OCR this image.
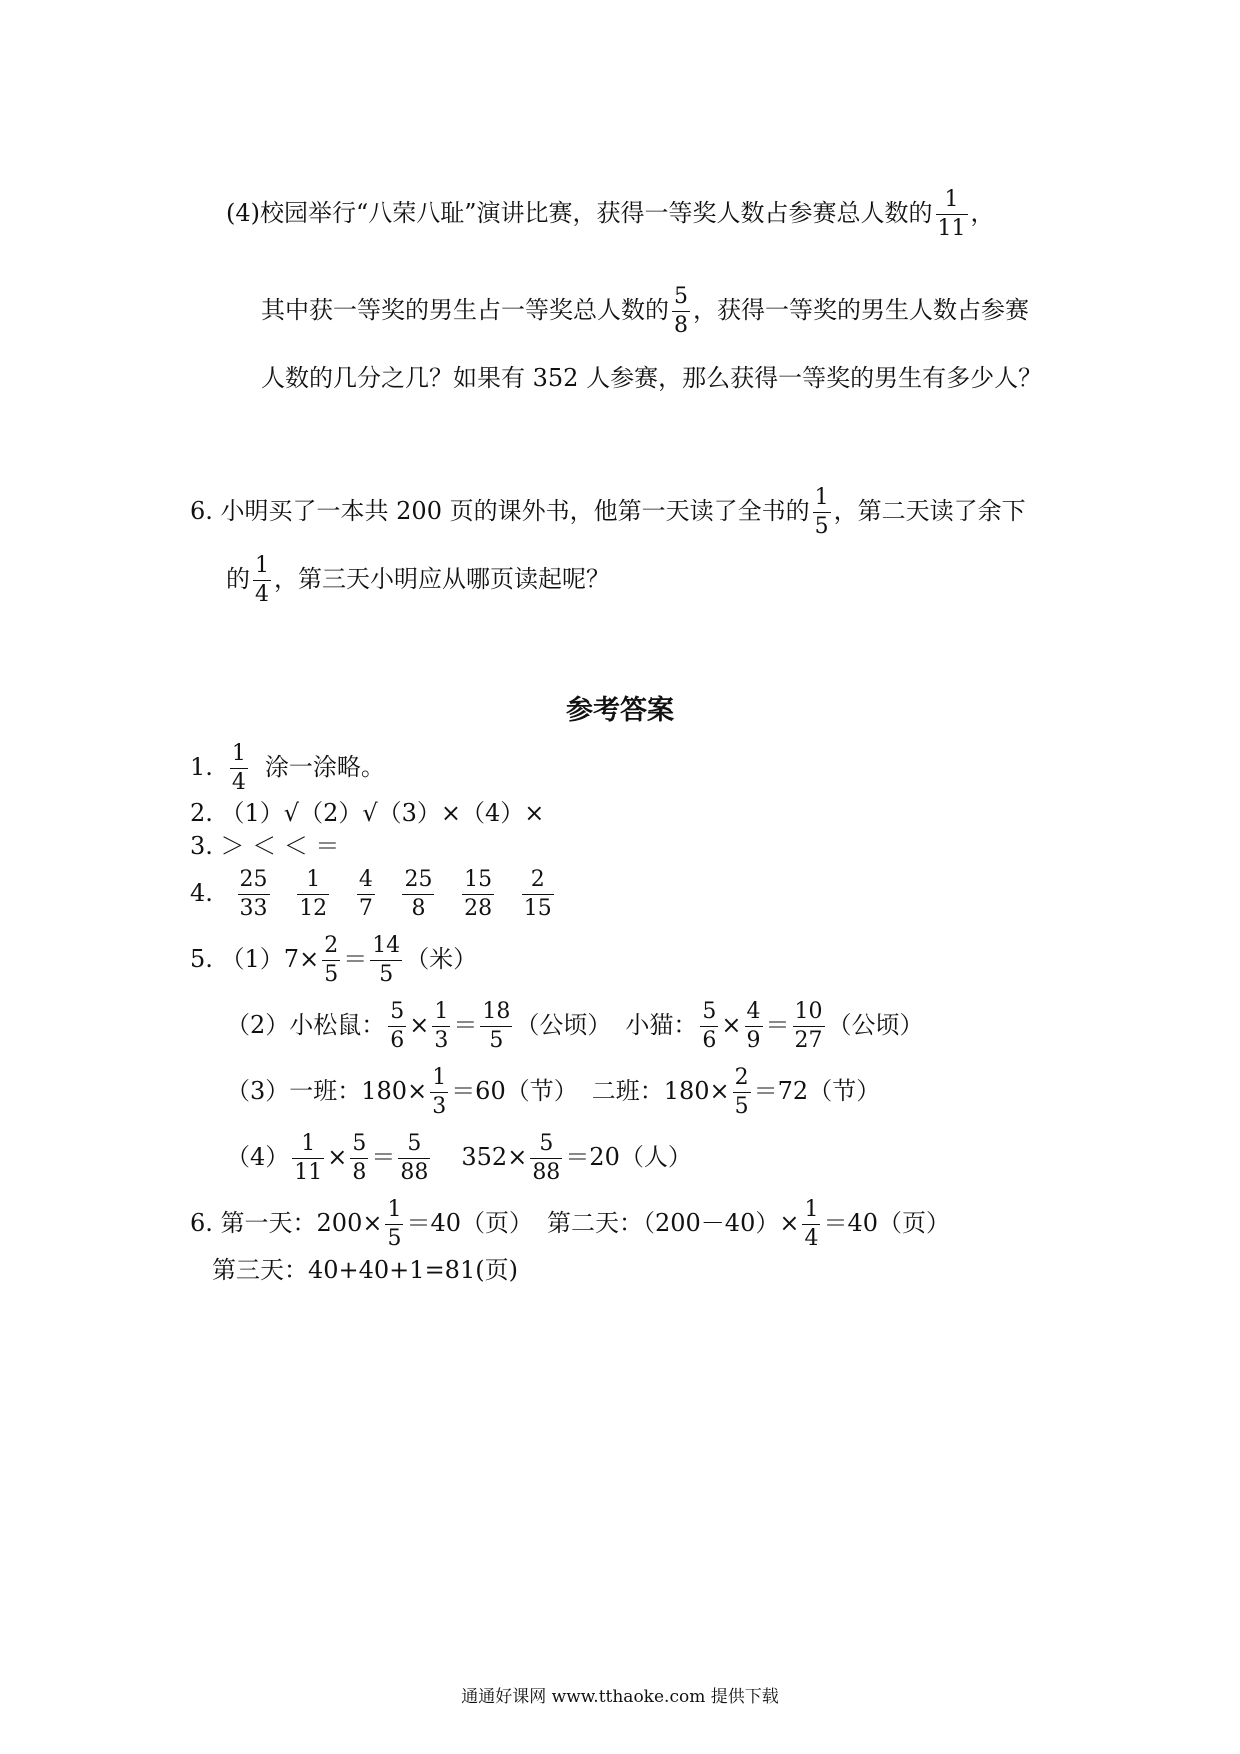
(4)校园举行“八荣八耻”演讲比赛，获得一等奖人数占参赛总人数的 $\frac{1}{11}$ ，
其中获一等奖的男生占一等奖总人数的 $\frac{5}{8}$ ，获得一等奖的男生人数占参赛
人数的几分之几？如果有 352 人参赛，那么获得一等奖的男生有多少人？
6. 小明买了一本共 200 页的课外书，他第一天读了全书的 $\frac{1}{5}$ ，第二天读了余下
的 $\frac{1}{4}$ ，第三天小明应从哪页读起呢？
参考答案
1. $\frac{1}{4}$ 涂一涂略。
2. （1）√（2）√（3）×（4）×
3. ＞ ＜ ＜ ＝
4. $\frac{25}{33}$
$\frac{1}{12}$
$\frac{4}{7}$
$\frac{25}{8}$
$\frac{15}{28}$
$\frac{2}{15}$
5. $(1)7\times \frac{2}{5} = \frac{14}{5}$ （米）
（2）小松鼠： $\frac{5}{6} \times \frac{1}{3} = \frac{18}{5}$ （公顷） 小猫： $\frac{5}{6} \times \frac{4}{9} = \frac{10}{27}$ （公顷）
（3）一班：$180\times \frac{1}{3} =60$（节） 二班：$180\times \frac{2}{5} =72$（节）
$(4) \frac{1}{11} \times \frac{5}{8} = \frac{5}{88} 352\times \frac{5}{88} =20$（人）
6. 第一天：$200\times \frac{1}{5} =40$（页） 第二天：$(200-40)\times \frac{1}{4} =40$（页）
第三天：40+40+1=81(页)
通通好课网 www.tthaoke.com 提供下载
